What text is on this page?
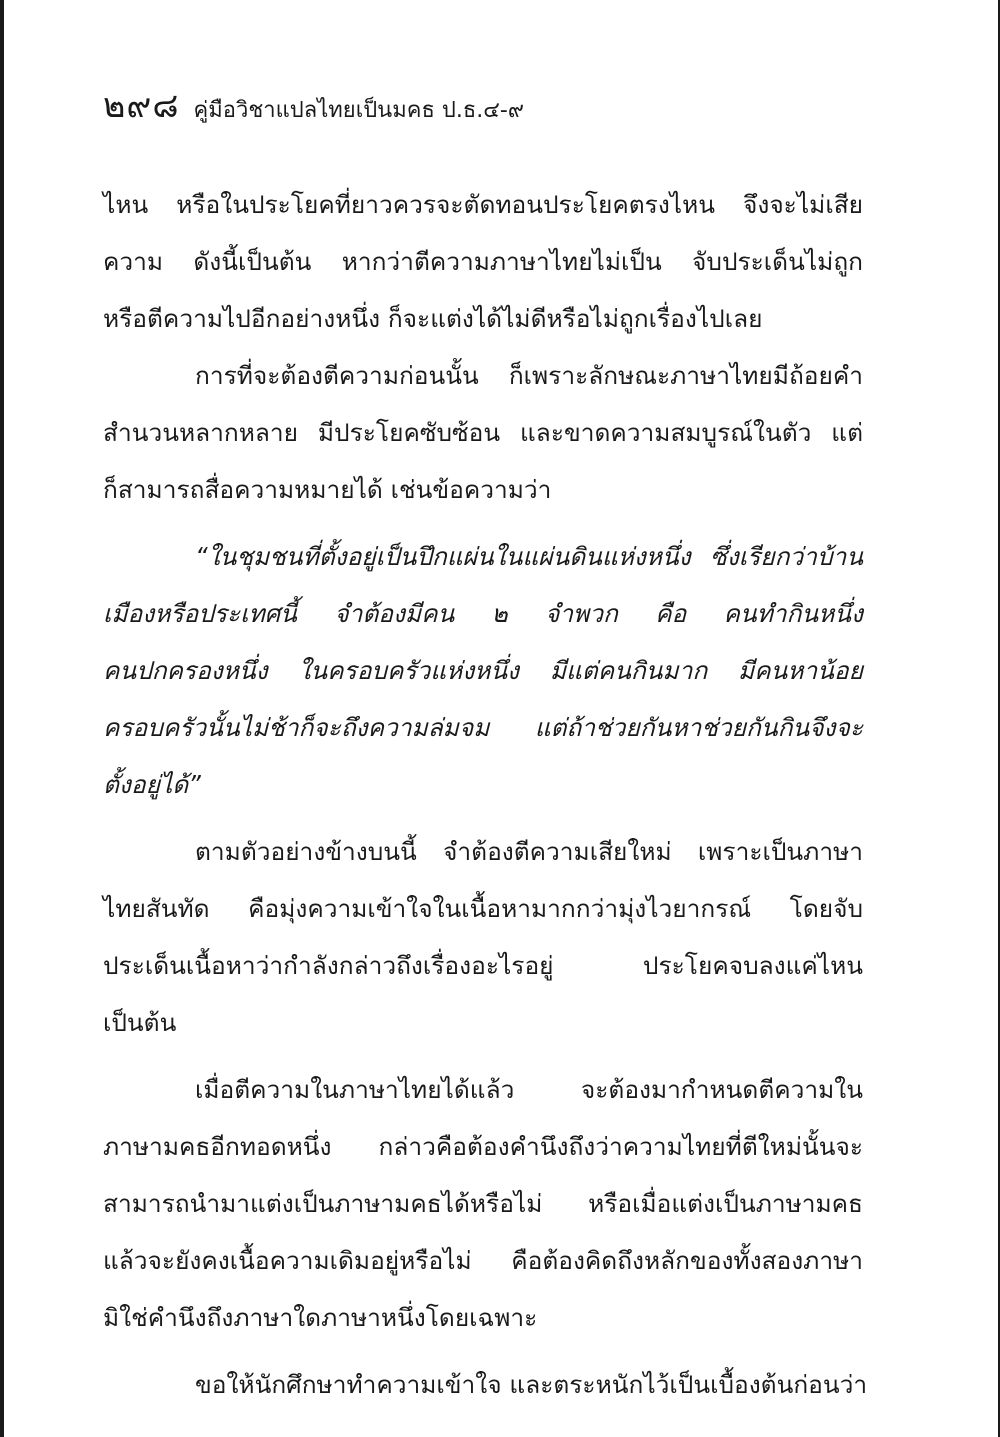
๒๙๘ คู่มือวิชาแปลไทยเป็นมคธ ป.ธ.๔-๙
ไหน หรือในประโยคที่ยาวควรจะตัดทอนประโยคตรงไหน จึงจะไม่เสีย
ความ ดังนี้เป็นต้น หากว่าตีความภาษาไทยไม่เป็น จับประเด็นไม่ถูก
หรือตีความไปอีกอย่างหนึ่ง ก็จะแต่งได้ไม่ดีหรือไม่ถูกเรื่องไปเลย
การที่จะต้องตีความก่อนนั้น ก็เพราะลักษณะภาษาไทยมีถ้อยคำ
สำนวนหลากหลาย มีประโยคซับซ้อน และขาดความสมบูรณ์ในตัว แต่
ก็สามารถสื่อความหมายได้ เช่นข้อความว่า
“ในชุมชนที่ตั้งอยู่เป็นปึกแผ่นในแผ่นดินแห่งหนึ่ง ซึ่งเรียกว่าบ้าน
เมืองหรือประเทศนี้ จำต้องมีคน ๒ จำพวก คือ คนทำกินหนึ่ง
คนปกครองหนึ่ง ในครอบครัวแห่งหนึ่ง มีแต่คนกินมาก มีคนหาน้อย
ครอบครัวนั้นไม่ช้าก็จะถึงความล่มจม แต่ถ้าช่วยกันหาช่วยกันกินจึงจะ
ตั้งอยู่ได้”
ตามตัวอย่างข้างบนนี้ จำต้องตีความเสียใหม่ เพราะเป็นภาษา
ไทยสันทัด คือมุ่งความเข้าใจในเนื้อหามากกว่ามุ่งไวยากรณ์ โดยจับ
ประเด็นเนื้อหาว่ากำลังกล่าวถึงเรื่องอะไรอยู่ ประโยคจบลงแค่ไหน
เป็นต้น
เมื่อตีความในภาษาไทยได้แล้ว จะต้องมากำหนดตีความใน
ภาษามคธอีกทอดหนึ่ง กล่าวคือต้องคำนึงถึงว่าความไทยที่ตีใหม่นั้นจะ
สามารถนำมาแต่งเป็นภาษามคธได้หรือไม่ หรือเมื่อแต่งเป็นภาษามคธ
แล้วจะยังคงเนื้อความเดิมอยู่หรือไม่ คือต้องคิดถึงหลักของทั้งสองภาษา
มิใช่คำนึงถึงภาษาใดภาษาหนึ่งโดยเฉพาะ
ขอให้นักศึกษาทำความเข้าใจ และตระหนักไว้เป็นเบื้องต้นก่อนว่า
